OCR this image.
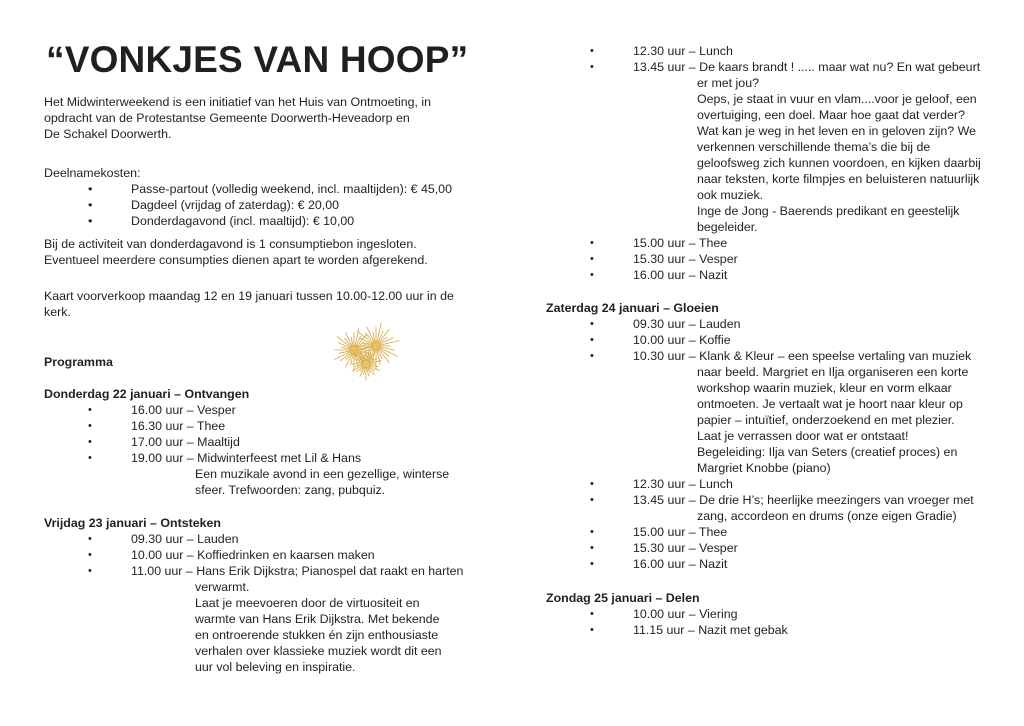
“VONKJES VAN HOOP”

Het Midwinterweekend is een initiatief van het Huis van Ontmoeting, in

opdracht van de Protestantse Gemeente Doorwerth-Heveadorp en

De Schakel Doorwerth.

Deelnamekosten:

•	Passe-partout (volledig weekend, incl. maaltijden): € 45,00
•	Dagdeel (vrijdag of zaterdag): € 20,00
•	Donderdagavond (incl. maaltijd): € 10,00

Bij de activiteit van donderdagavond is 1 consumptiebon ingesloten.

Eventueel meerdere consumpties dienen apart te worden afgerekend.

Kaart voorverkoop maandag 12 en 19 januari tussen 10.00-12.00 uur in de

kerk.

Programma

Donderdag 22 januari – Ontvangen

•	16.00 uur – Vesper
•	16.30 uur – Thee
•	17.00 uur – Maaltijd
•	19.00 uur – Midwinterfeest met Lil & Hans
Een muzikale avond in een gezellige, winterse
sfeer. Trefwoorden: zang, pubquiz.

Vrijdag 23 januari – Ontsteken

•	09.30 uur – Lauden
•	10.00 uur – Koffiedrinken en kaarsen maken
•	11.00 uur – Hans Erik Dijkstra; Pianospel dat raakt en harten
verwarmt.
Laat je meevoeren door de virtuositeit en
warmte van Hans Erik Dijkstra. Met bekende
en ontroerende stukken én zijn enthousiaste
verhalen over klassieke muziek wordt dit een
uur vol beleving en inspiratie.
•	12.30 uur – Lunch
•	13.45 uur – De kaars brandt ! ..... maar wat nu? En wat gebeurt
er met jou?
Oeps, je staat in vuur en vlam....voor je geloof, een
overtuiging, een doel. Maar hoe gaat dat verder?
Wat kan je weg in het leven en in geloven zijn? We
verkennen verschillende thema’s die bij de
geloofsweg zich kunnen voordoen, en kijken daarbij
naar teksten, korte filmpjes en beluisteren natuurlijk
ook muziek.
Inge de Jong - Baerends predikant en geestelijk
begeleider.
•	15.00 uur – Thee
•	15.30 uur – Vesper
•	16.00 uur – Nazit

Zaterdag 24 januari – Gloeien

•	09.30 uur – Lauden
•	10.00 uur – Koffie
•	10.30 uur – Klank & Kleur – een speelse vertaling van muziek
naar beeld. Margriet en Ilja organiseren een korte
workshop waarin muziek, kleur en vorm elkaar
ontmoeten. Je vertaalt wat je hoort naar kleur op
papier – intuïtief, onderzoekend en met plezier.
Laat je verrassen door wat er ontstaat!
Begeleiding: Ilja van Seters (creatief proces) en
Margriet Knobbe (piano)
•	12.30 uur – Lunch
•	13.45 uur – De drie H’s; heerlijke meezingers van vroeger met
zang, accordeon en drums (onze eigen Gradie)
•	15.00 uur – Thee
•	15.30 uur – Vesper
•	16.00 uur – Nazit

Zondag 25 januari – Delen

•	10.00 uur – Viering
•	11.15 uur – Nazit met gebak
